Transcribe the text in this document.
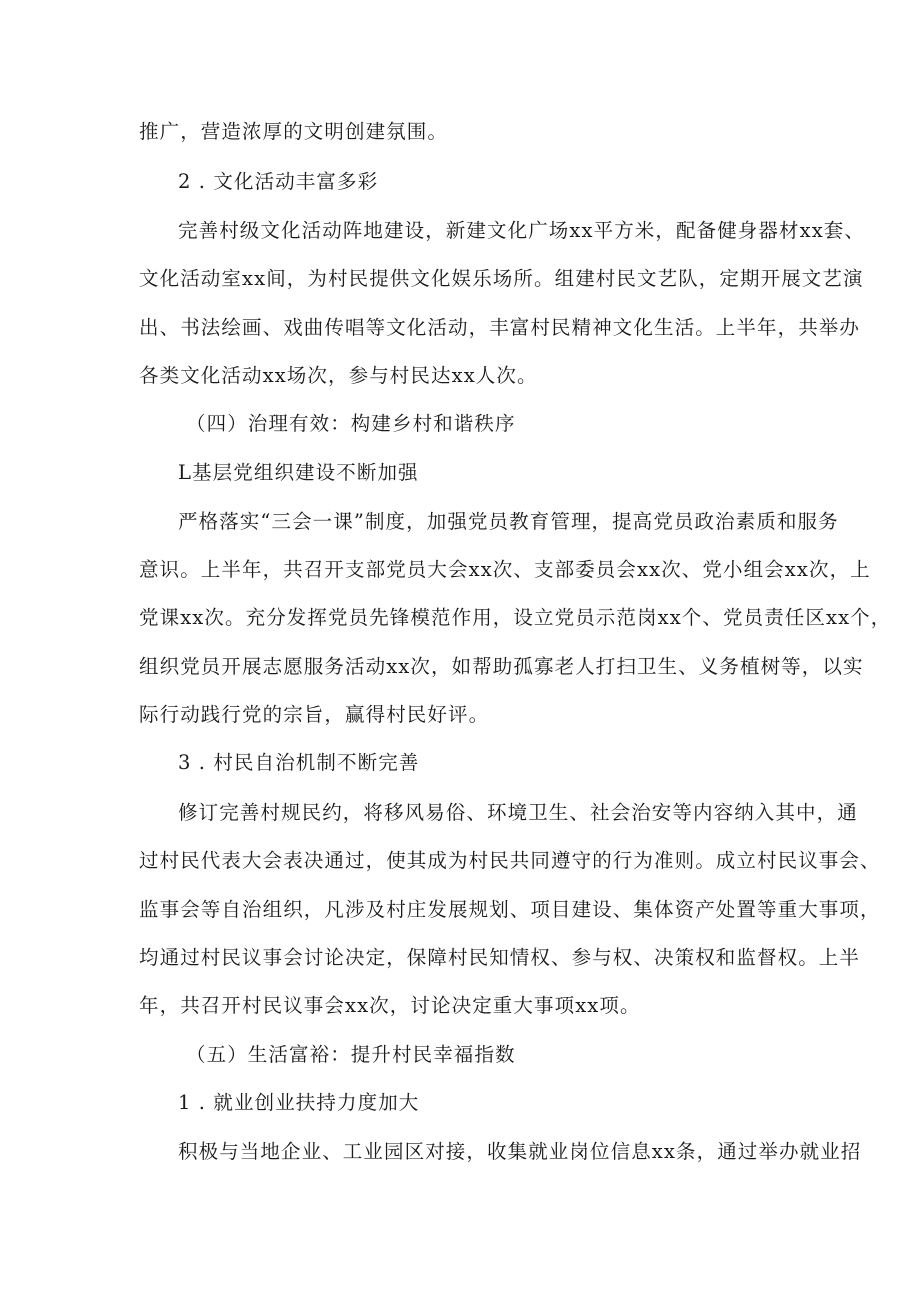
推广，营造浓厚的文明创建氛围。
2 . 文化活动丰富多彩
完善村级文化活动阵地建设，新建文化广场xx平方米，配备健身器材xx套、
文化活动室xx间，为村民提供文化娱乐场所。组建村民文艺队，定期开展文艺演
出、书法绘画、戏曲传唱等文化活动，丰富村民精神文化生活。上半年，共举办
各类文化活动xx场次，参与村民达xx人次。
（四）治理有效：构建乡村和谐秩序
L基层党组织建设不断加强
严格落实“三会一课”制度，加强党员教育管理，提高党员政治素质和服务
意识。上半年，共召开支部党员大会xx次、支部委员会xx次、党小组会xx次，上
党课xx次。充分发挥党员先锋模范作用，设立党员示范岗xx个、党员责任区xx个，
组织党员开展志愿服务活动xx次，如帮助孤寡老人打扫卫生、义务植树等，以实
际行动践行党的宗旨，赢得村民好评。
3 . 村民自治机制不断完善
修订完善村规民约，将移风易俗、环境卫生、社会治安等内容纳入其中，通
过村民代表大会表决通过，使其成为村民共同遵守的行为准则。成立村民议事会、
监事会等自治组织，凡涉及村庄发展规划、项目建设、集体资产处置等重大事项，
均通过村民议事会讨论决定，保障村民知情权、参与权、决策权和监督权。上半
年，共召开村民议事会xx次，讨论决定重大事项xx项。
（五）生活富裕：提升村民幸福指数
1 . 就业创业扶持力度加大
积极与当地企业、工业园区对接，收集就业岗位信息xx条，通过举办就业招
